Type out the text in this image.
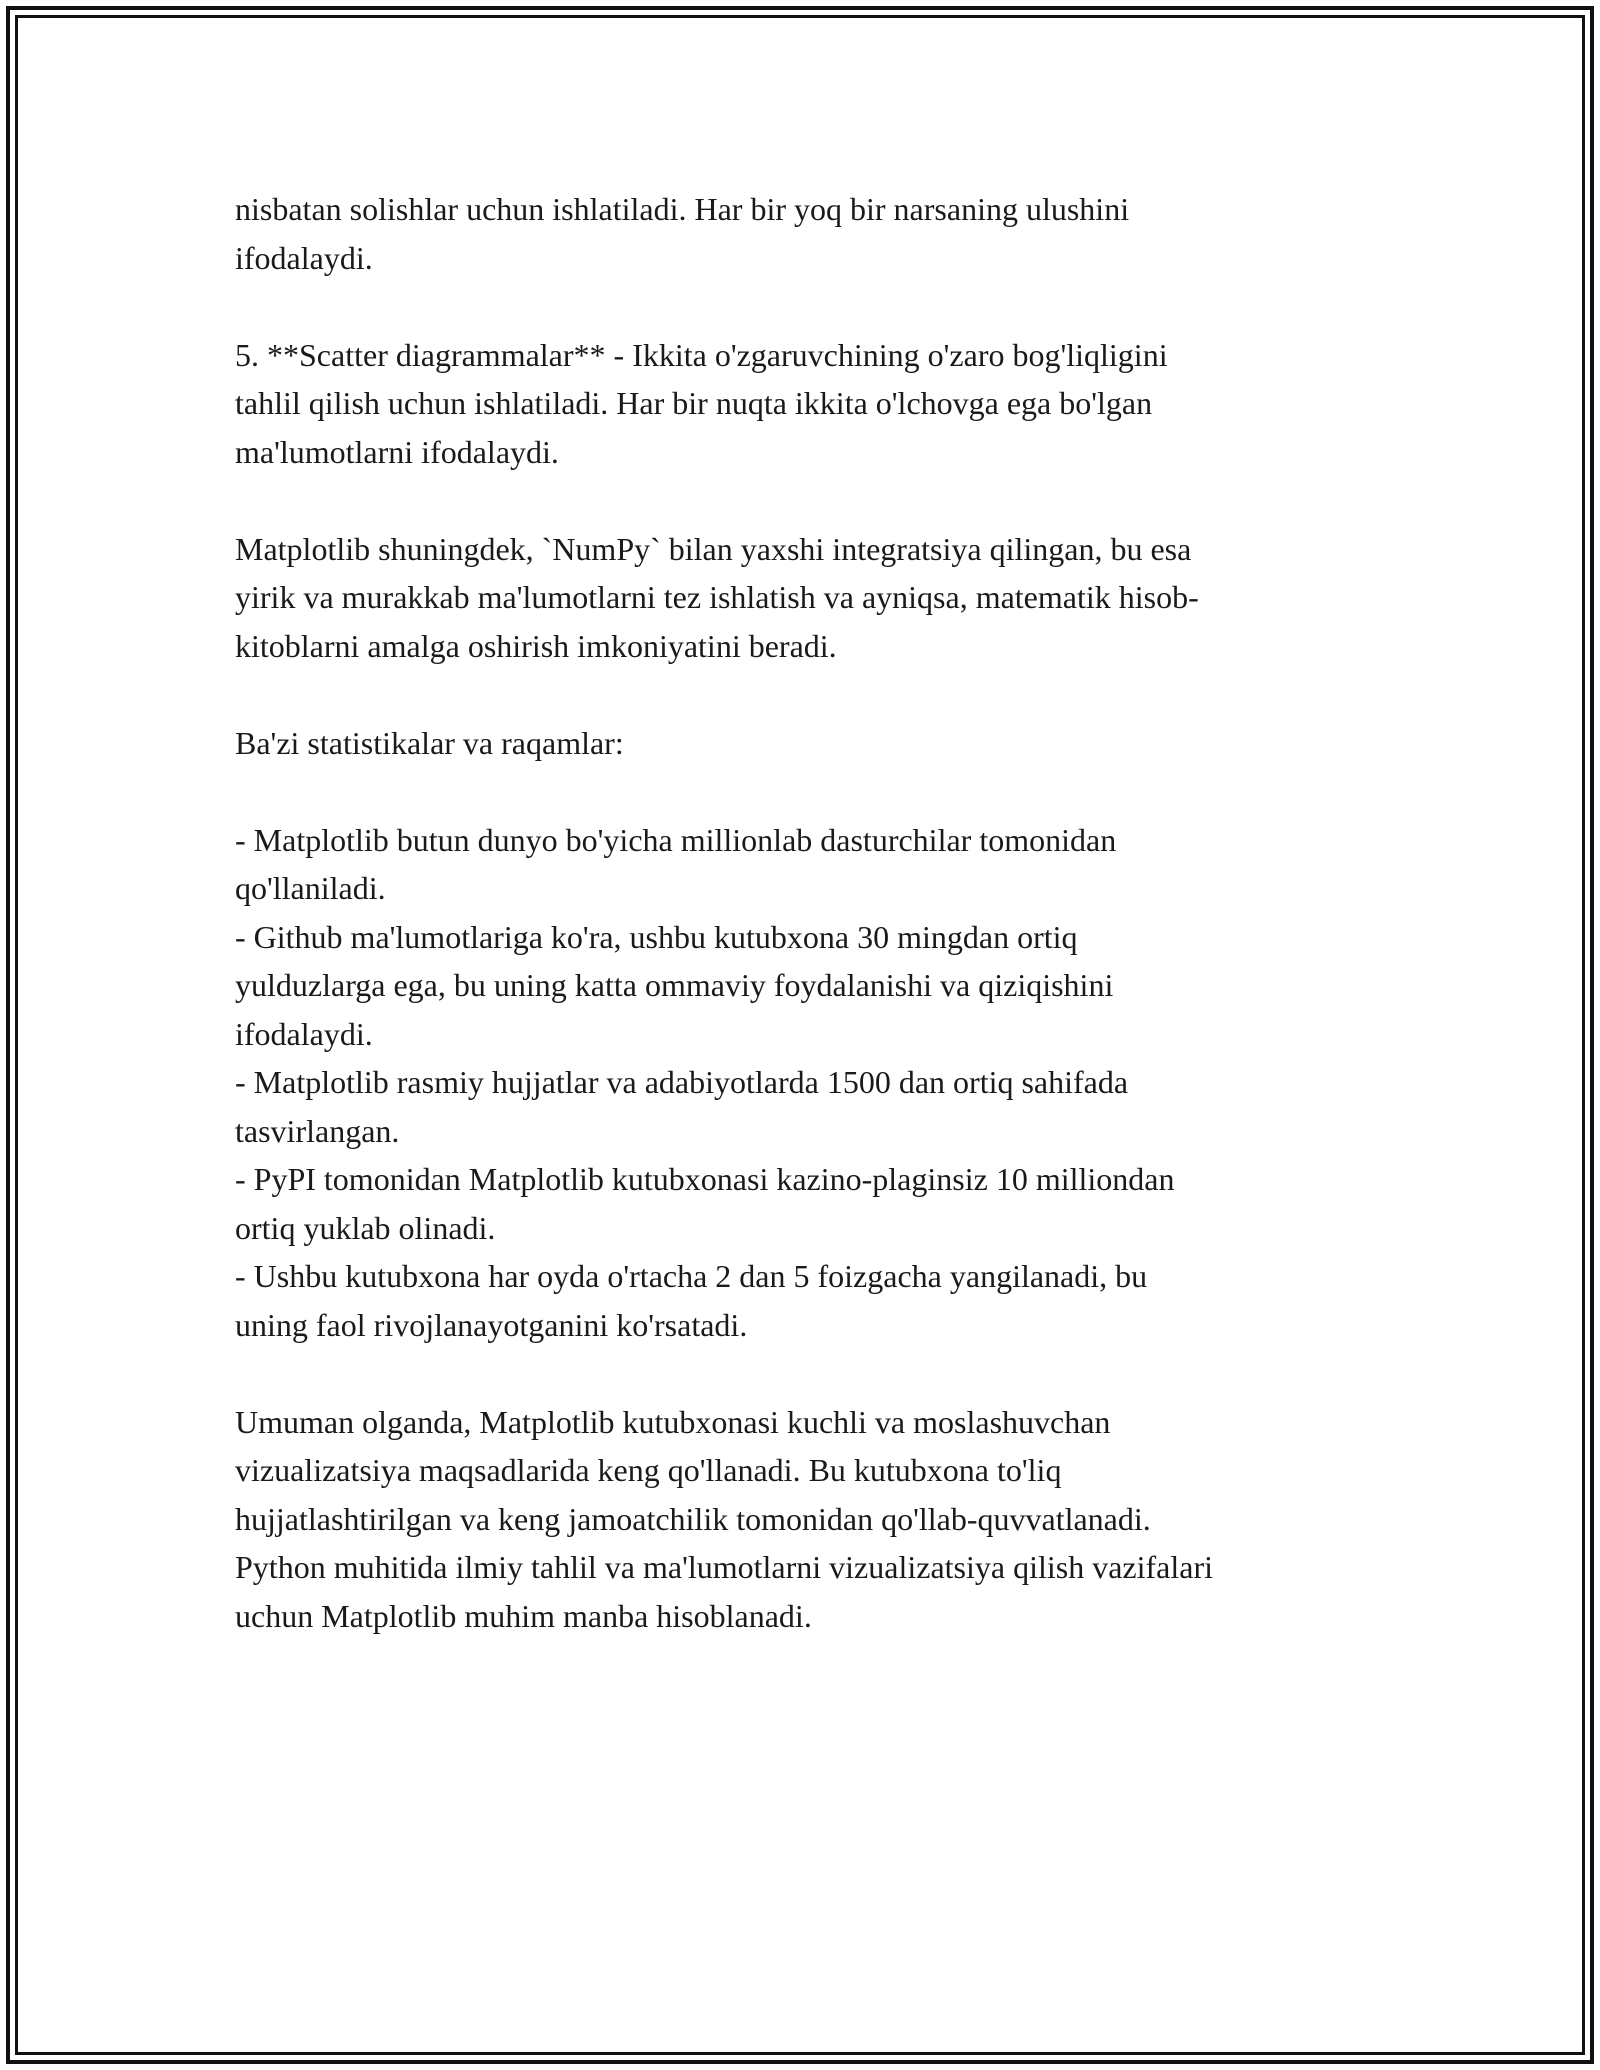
nisbatan solishlar uchun ishlatiladi. Har bir yoq bir narsaning ulushini
ifodalaydi.

5. **Scatter diagrammalar** - Ikkita o'zgaruvchining o'zaro bog'liqligini
tahlil qilish uchun ishlatiladi. Har bir nuqta ikkita o'lchovga ega bo'lgan
ma'lumotlarni ifodalaydi.

Matplotlib shuningdek, `NumPy` bilan yaxshi integratsiya qilingan, bu esa
yirik va murakkab ma'lumotlarni tez ishlatish va ayniqsa, matematik hisob-
kitoblarni amalga oshirish imkoniyatini beradi.

Ba'zi statistikalar va raqamlar:

- Matplotlib butun dunyo bo'yicha millionlab dasturchilar tomonidan
qo'llaniladi.
- Github ma'lumotlariga ko'ra, ushbu kutubxona 30 mingdan ortiq
yulduzlarga ega, bu uning katta ommaviy foydalanishi va qiziqishini
ifodalaydi.
- Matplotlib rasmiy hujjatlar va adabiyotlarda 1500 dan ortiq sahifada
tasvirlangan.
- PyPI tomonidan Matplotlib kutubxonasi kazino-plaginsiz 10 milliondan
ortiq yuklab olinadi.
- Ushbu kutubxona har oyda o'rtacha 2 dan 5 foizgacha yangilanadi, bu
uning faol rivojlanayotganini ko'rsatadi.

Umuman olganda, Matplotlib kutubxonasi kuchli va moslashuvchan
vizualizatsiya maqsadlarida keng qo'llanadi. Bu kutubxona to'liq
hujjatlashtirilgan va keng jamoatchilik tomonidan qo'llab-quvvatlanadi.
Python muhitida ilmiy tahlil va ma'lumotlarni vizualizatsiya qilish vazifalari
uchun Matplotlib muhim manba hisoblanadi.
